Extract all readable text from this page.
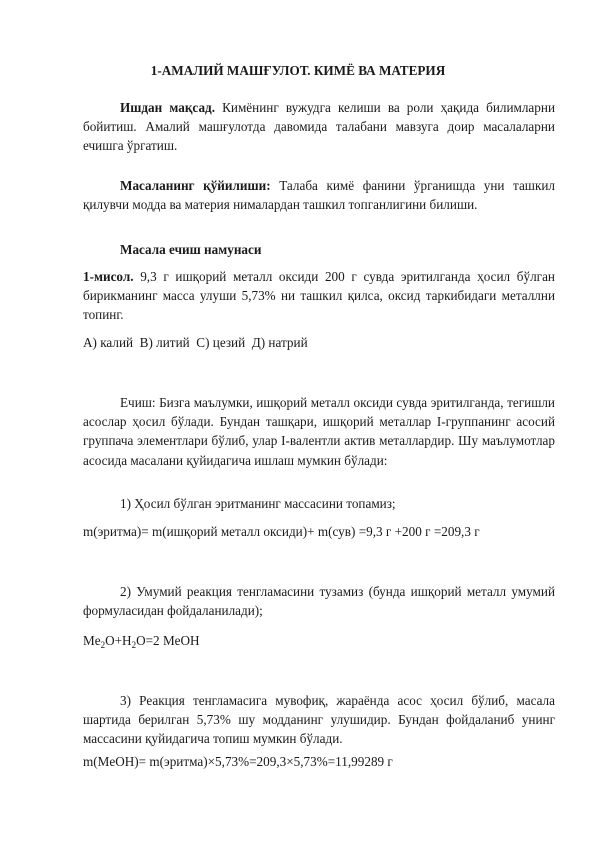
1-АМАЛИЙ МАШҒУЛОТ. КИМЁ ВА МАТЕРИЯ

Ишдан мақсад. Кимёнинг вужудга келиши ва роли ҳақида билимларни бойитиш. Амалий машғулотда давомида талабани мавзуга доир масалаларни ечишга ўргатиш.

Масаланинг қўйилиши: Талаба кимё фанини ўрганишда уни ташкил қилувчи модда ва материя нималардан ташкил топганлигини билиши.

Масала ечиш намунаси

1-мисол. 9,3 г ишқорий металл оксиди 200 г сувда эритилганда ҳосил бўлган бирикманинг масса улуши 5,73% ни ташкил қилса, оксид таркибидаги металлни топинг.

А) калий  В) литий  С) цезий  Д) натрий

Ечиш: Бизга маълумки, ишқорий металл оксиди сувда эритилганда, тегишли асослар ҳосил бўлади. Бундан ташқари, ишқорий металлар I-группанинг асосий группача элементлари бўлиб, улар I-валентли актив металлардир. Шу маълумотлар асосида масалани қуйидагича ишлаш мумкин бўлади:

1) Ҳосил бўлган эритманинг массасини топамиз;

m(эритма)= m(ишқорий металл оксиди)+ m(сув) =9,3 г +200 г =209,3 г

2) Умумий реакция тенгламасини тузамиз (бунда ишқорий металл умумий формуласидан фойдаланилади);

$Me_2O+H_2O=2$ MeOH

3) Реакция тенгламасига мувофиқ, жараёнда асос ҳосил бўлиб, масала шартида берилган 5,73% шу модданинг улушидир. Бундан фойдаланиб унинг массасини қуйидагича топиш мумкин бўлади.

m(MeOH)= m(эритма)×5,73%=209,3×5,73%=11,99289 г
